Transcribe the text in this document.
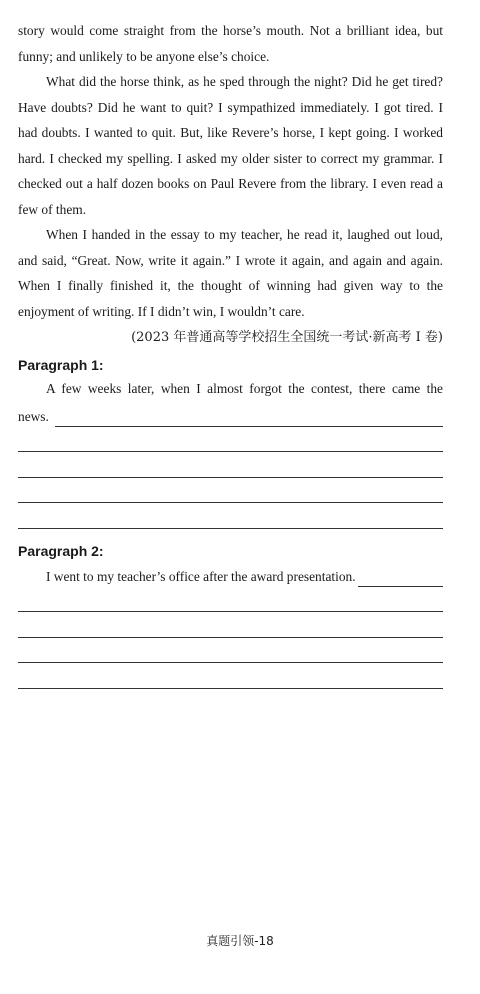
story would come straight from the horse’s mouth. Not a brilliant idea, but funny; and unlikely to be anyone else’s choice.

What did the horse think, as he sped through the night? Did he get tired? Have doubts? Did he want to quit? I sympathized immediately. I got tired. I had doubts. I wanted to quit. But, like Revere’s horse, I kept going. I worked hard. I checked my spelling. I asked my older sister to correct my grammar. I checked out a half dozen books on Paul Revere from the library. I even read a few of them.

When I handed in the essay to my teacher, he read it, laughed out loud, and said, “Great. Now, write it again.” I wrote it again, and again and again. When I finally finished it, the thought of winning had given way to the enjoyment of writing. If I didn’t win, I wouldn’t care.

(2023 年普通高等学校招生全国统一考试·新高考 I 卷)

Paragraph 1:

A few weeks later, when I almost forgot the contest, there came the

news.

Paragraph 2:

I went to my teacher’s office after the award presentation.
真题引领-18
